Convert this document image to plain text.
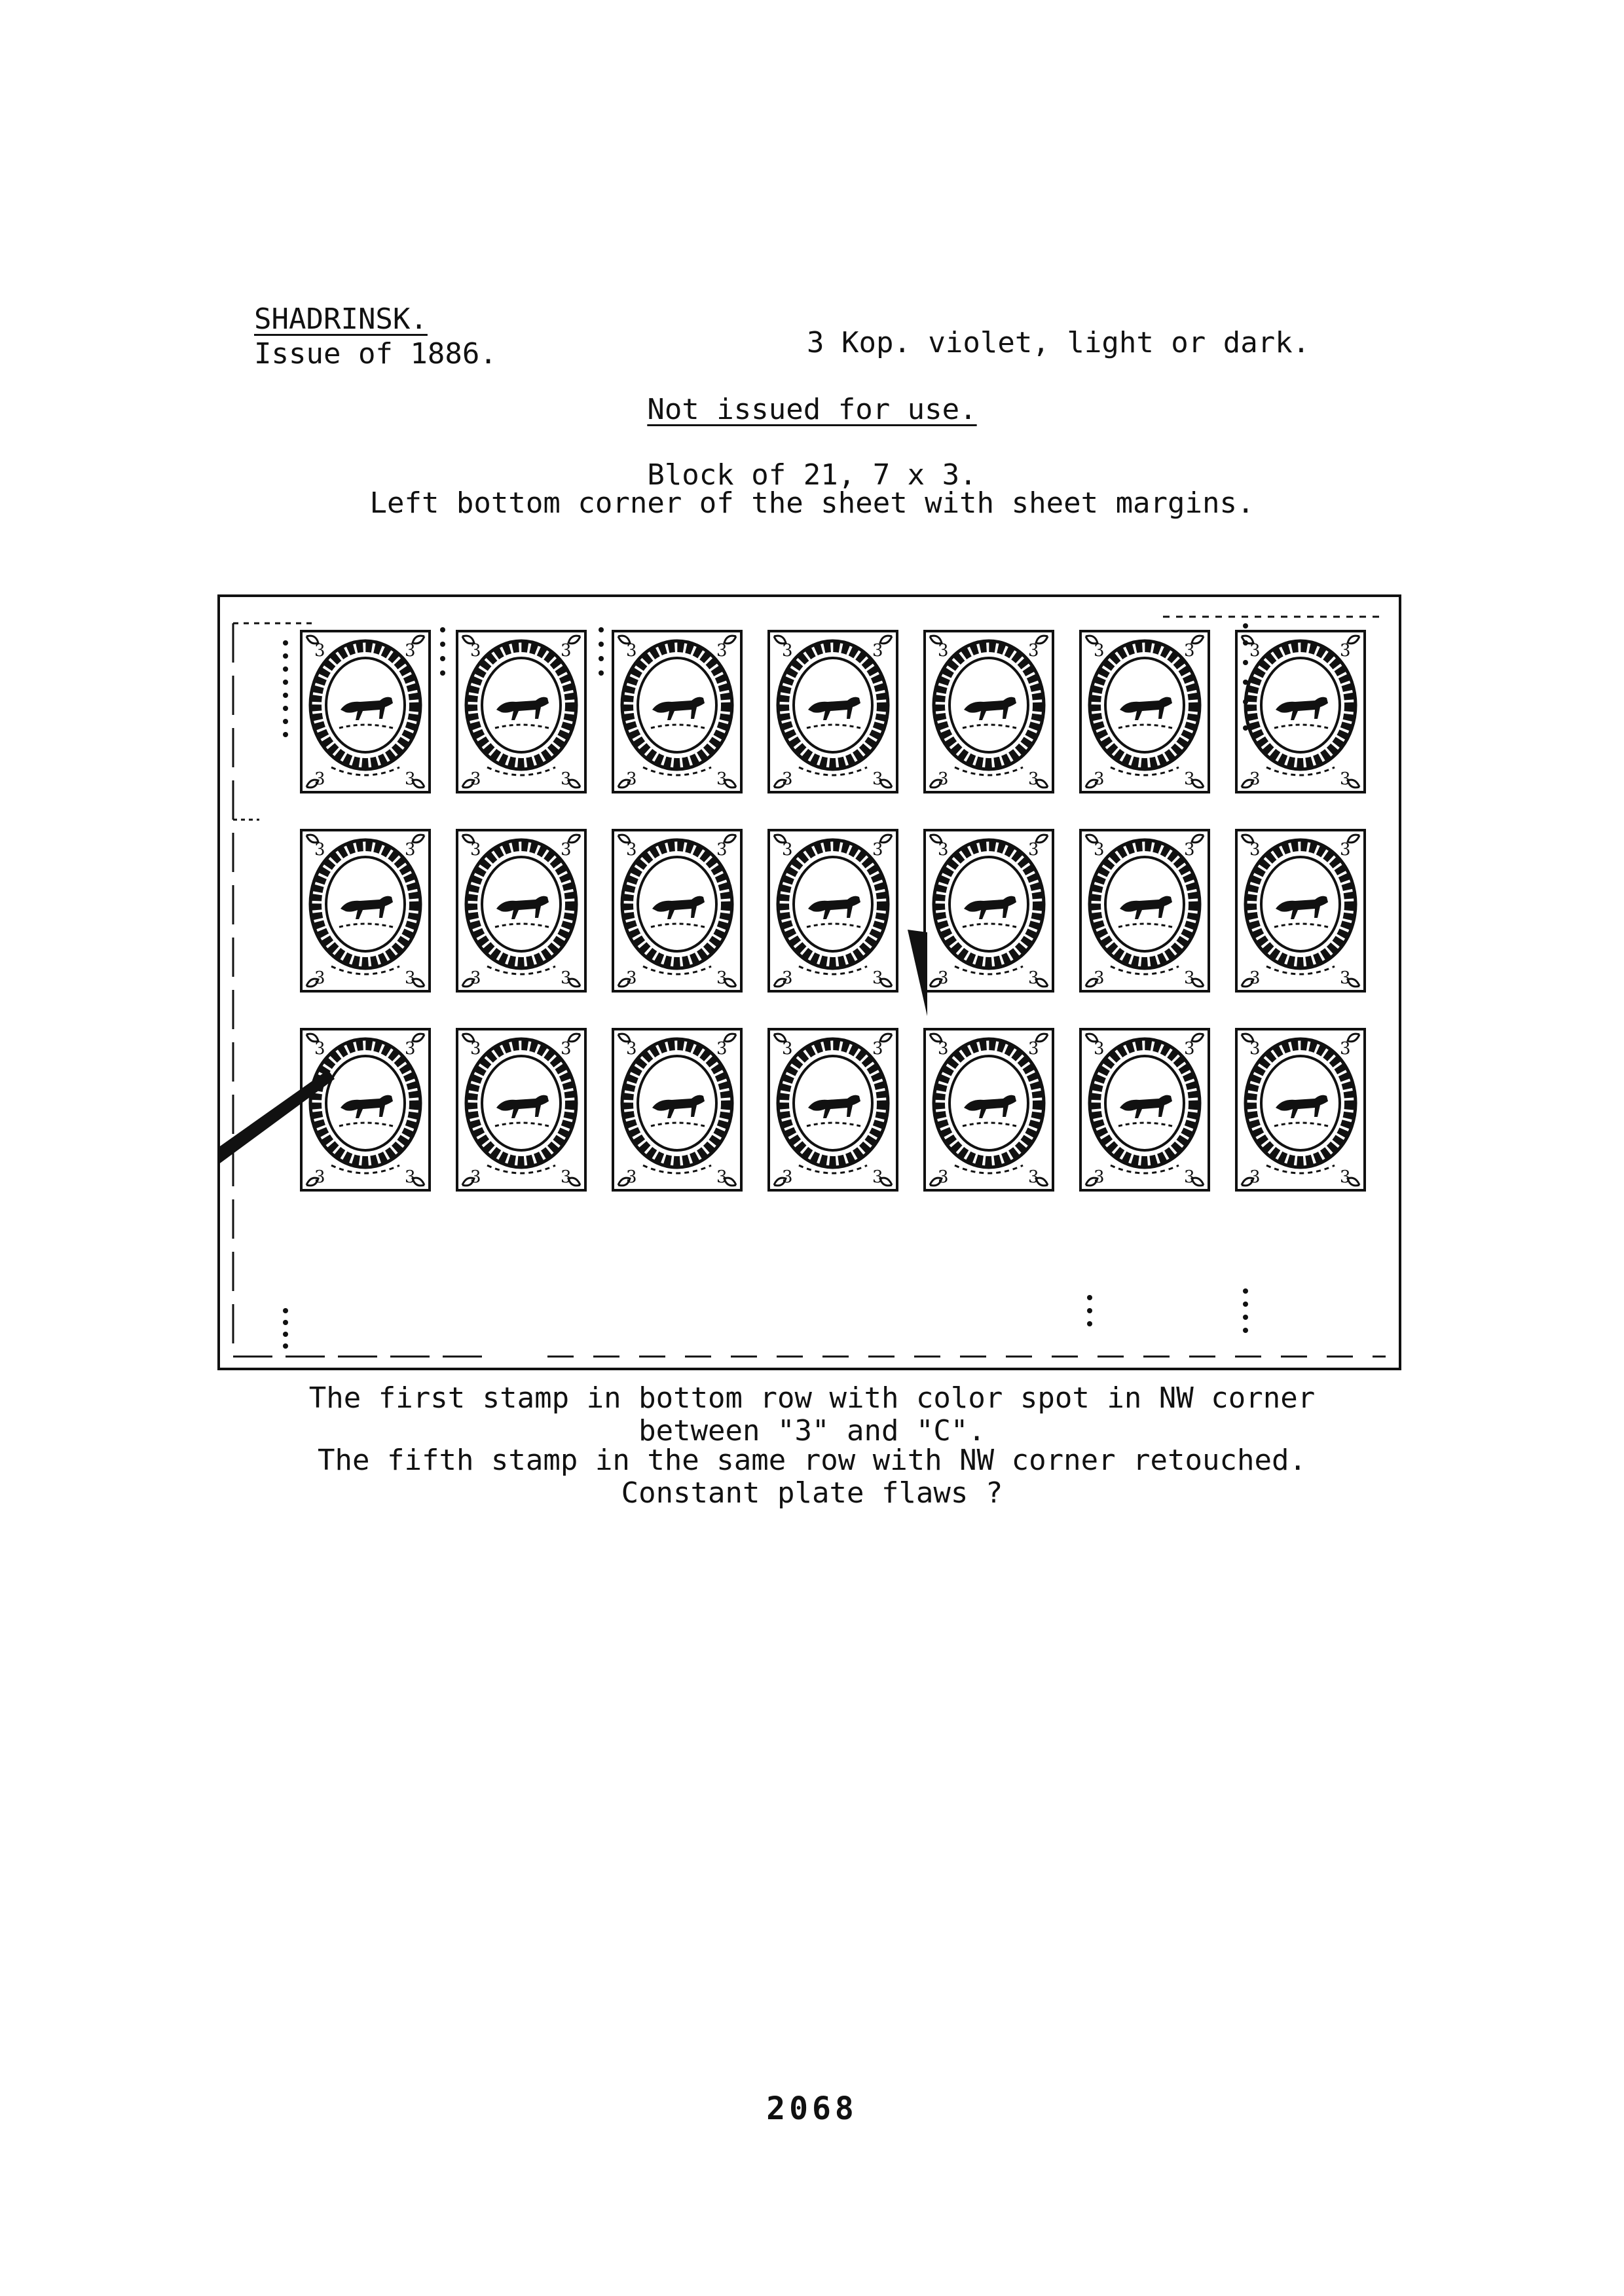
SHADRINSK.
Issue of 1886.	3 Kop. violet, light or dark.
Not issued for use.
Block of 21, 7 x 3.
Left bottom corner of the sheet with sheet margins.
The first stamp in bottom row with color spot in NW corner
between "3" and "C".
The fifth stamp in the same row with NW corner retouched.
Constant plate flaws ?
2068
